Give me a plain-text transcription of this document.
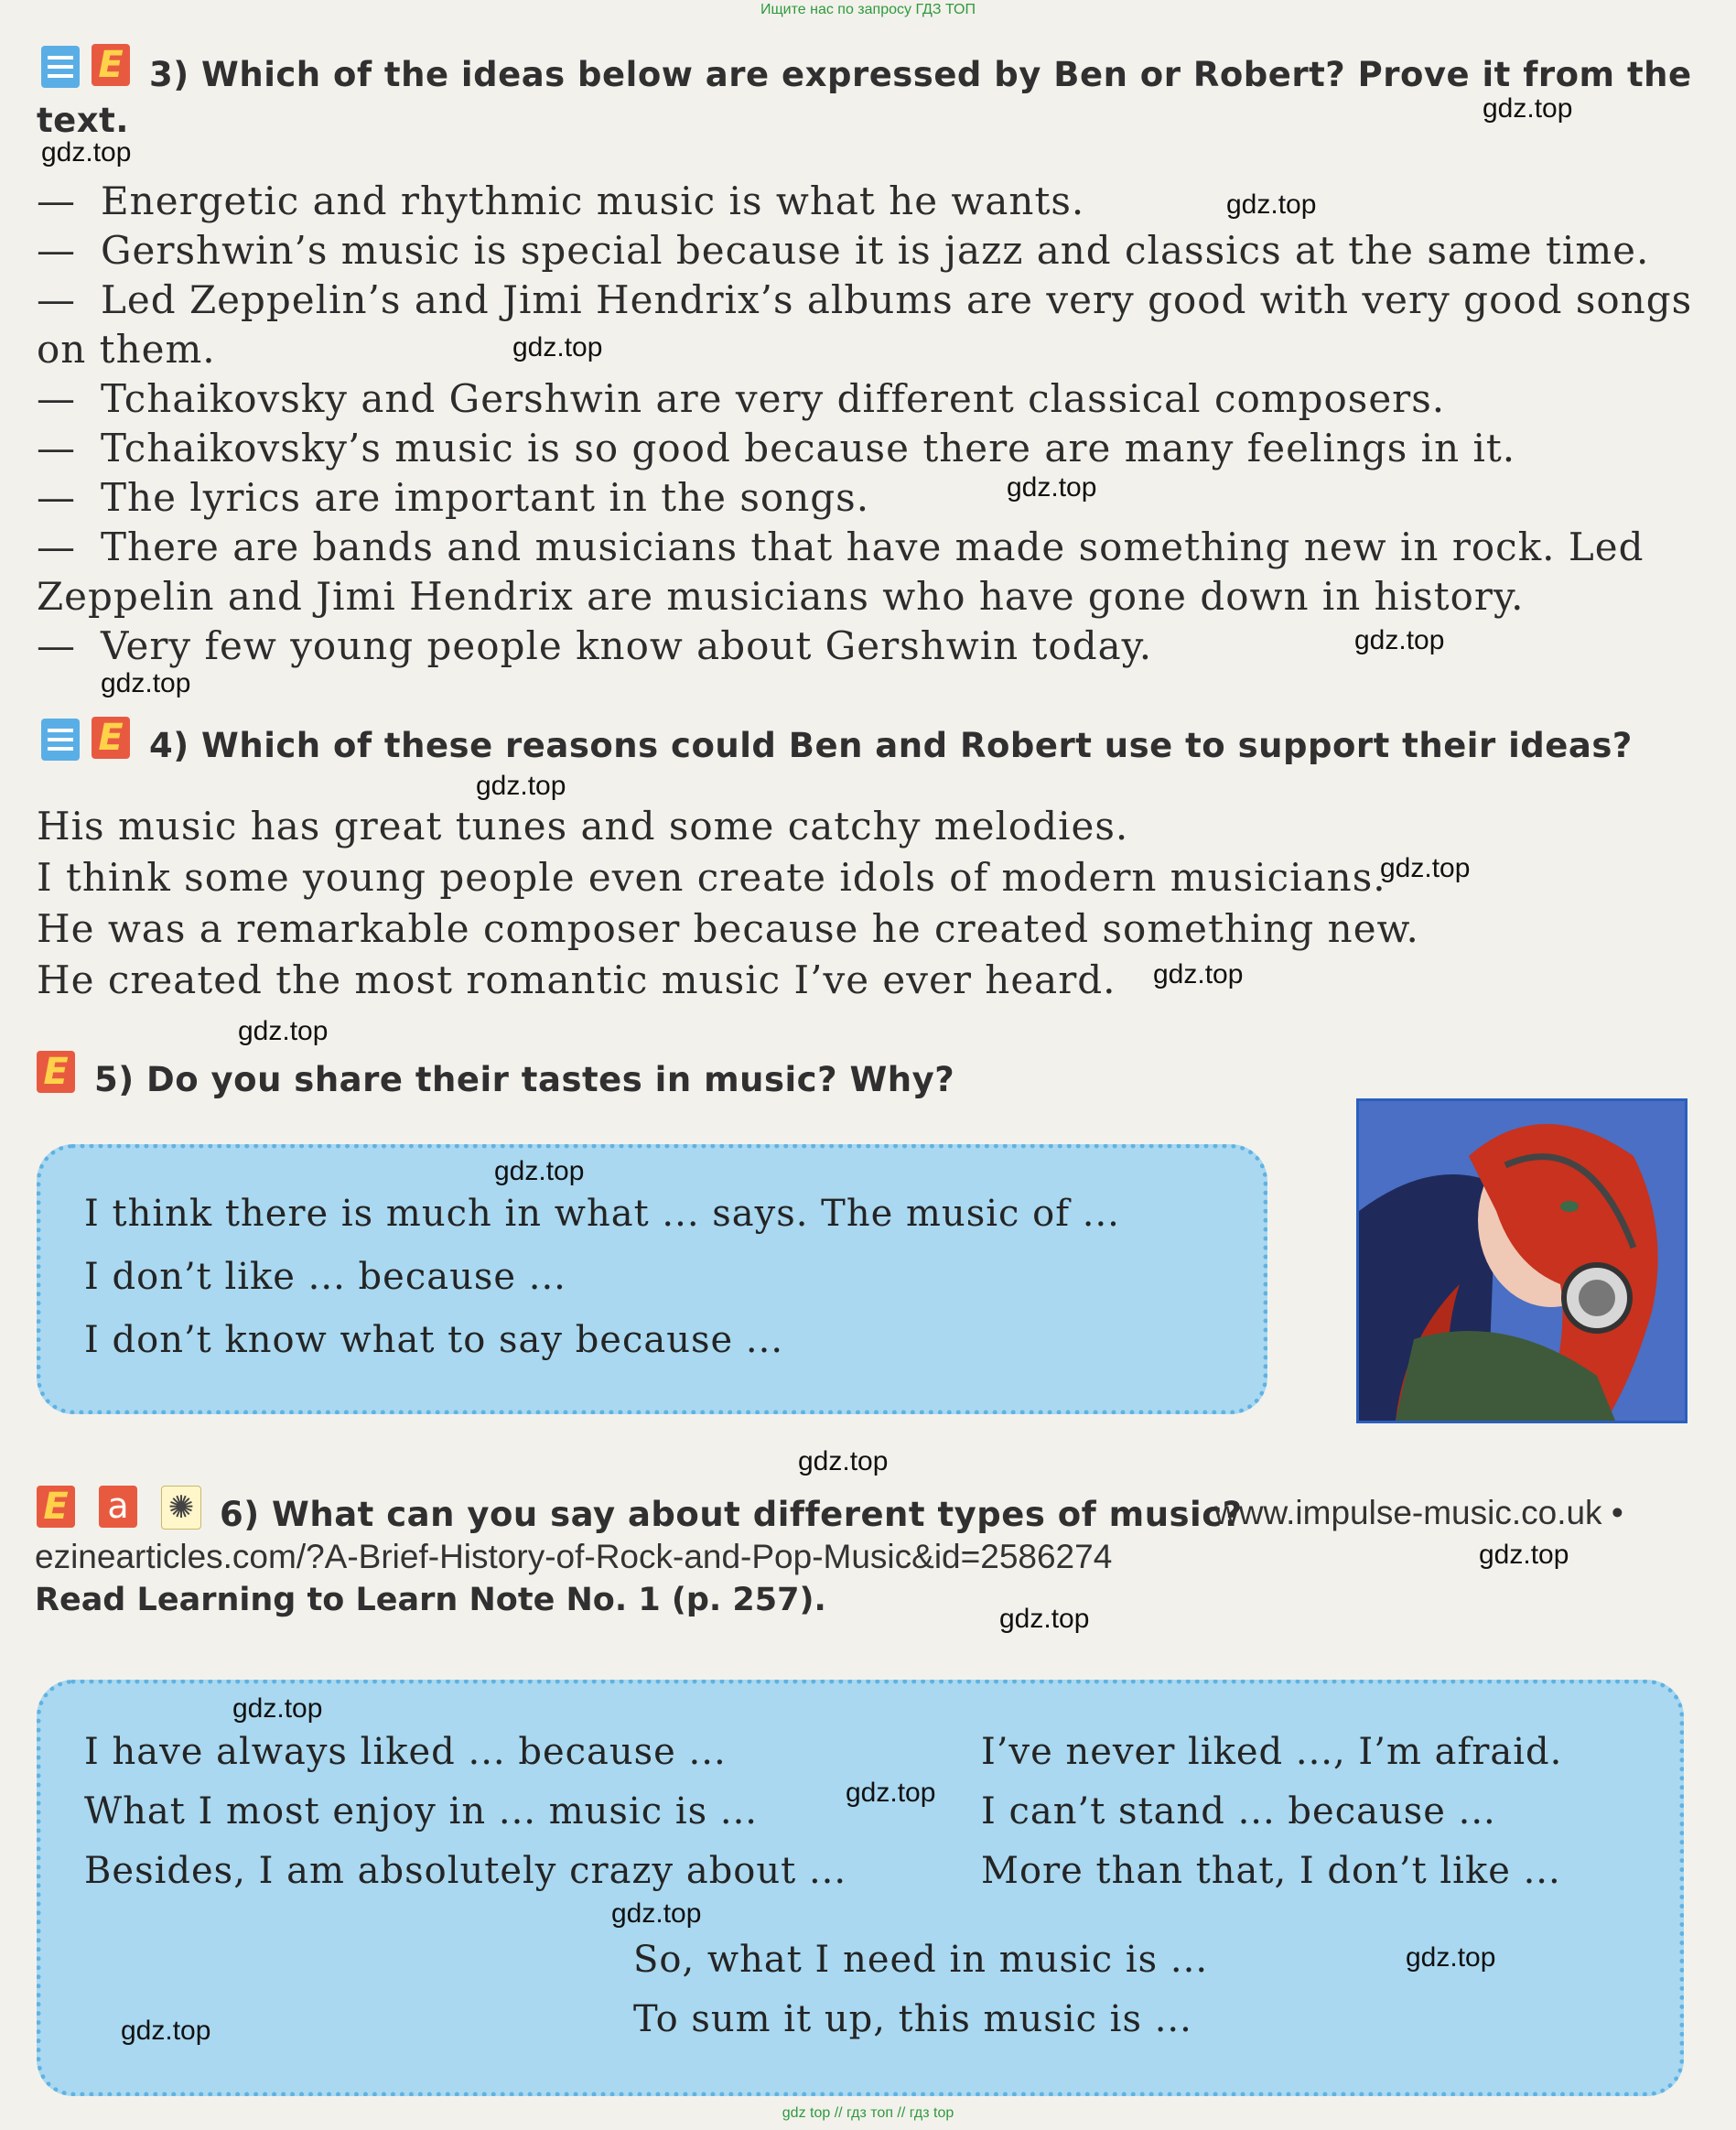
Ищите нас по запросу ГДЗ ТОП
E 3) Which of the ideas below are expressed by Ben or Robert? Prove it from the
text.
— Energetic and rhythmic music is what he wants.
— Gershwin’s music is special because it is jazz and classics at the same time.
— Led Zeppelin’s and Jimi Hendrix’s albums are very good with very good songs
on them.
— Tchaikovsky and Gershwin are very different classical composers.
— Tchaikovsky’s music is so good because there are many feelings in it.
— The lyrics are important in the songs.
— There are bands and musicians that have made something new in rock. Led
Zeppelin and Jimi Hendrix are musicians who have gone down in history.
— Very few young people know about Gershwin today.
E 4) Which of these reasons could Ben and Robert use to support their ideas?
His music has great tunes and some catchy melodies.
I think some young people even create idols of modern musicians.
He was a remarkable composer because he created something new.
He created the most romantic music I’ve ever heard.
E 5) Do you share their tastes in music? Why?
I think there is much in what ... says. The music of ...
I don’t like ... because ...
I don’t know what to say because ...
E a ✺ 6) What can you say about different types of music?
www.impulse-music.co.uk •
ezinearticles.com/?A-Brief-History-of-Rock-and-Pop-Music&id=2586274
Read Learning to Learn Note No. 1 (p. 257).
I have always liked ... because ...
What I most enjoy in ... music is ...
Besides, I am absolutely crazy about ...
I’ve never liked ..., I’m afraid.
I can’t stand ... because ...
More than that, I don’t like ...
So, what I need in music is ...
To sum it up, this music is ...
gdz.top
gdz.top
gdz.top
gdz.top
gdz.top
gdz.top
gdz.top
gdz.top
gdz.top
gdz.top
gdz.top
gdz.top
gdz.top
gdz.top
gdz.top
gdz.top
gdz.top
gdz.top
gdz.top
gdz.top
gdz top // гдз топ // гдз top
